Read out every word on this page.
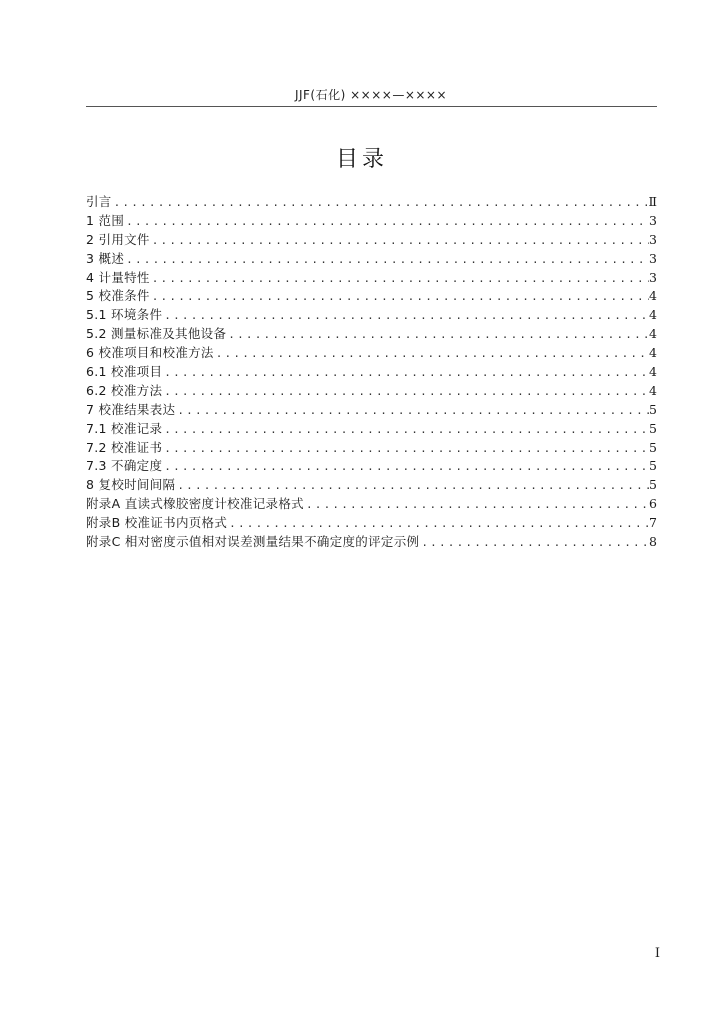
JJF(石化) ××××—××××
目录
引言 .....	Ⅱ
1 范围 .....	3
2 引用文件 .....	3
3 概述 .....	3
4 计量特性 .....	3
5 校准条件 .....	4
5.1 环境条件 .....	4
5.2 测量标准及其他设备 .....	4
6 校准项目和校准方法 .....	4
6.1 校准项目 .....	4
6.2 校准方法 .....	4
7 校准结果表达 .....	5
7.1 校准记录 .....	5
7.2 校准证书 .....	5
7.3 不确定度 .....	5
8 复校时间间隔 .....	5
附录A 直读式橡胶密度计校准记录格式 .....	6
附录B 校准证书内页格式 .....	7
附录C 相对密度示值相对误差测量结果不确定度的评定示例 .....	8
I
